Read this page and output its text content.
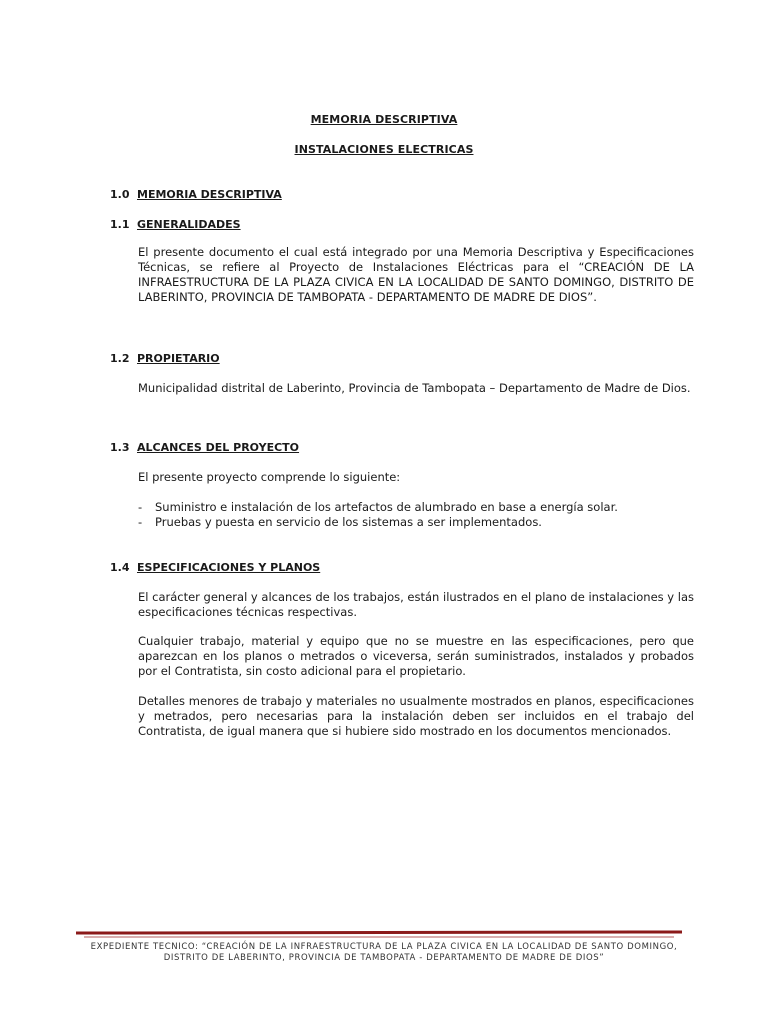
MEMORIA DESCRIPTIVA
INSTALACIONES ELECTRICAS
1.0 MEMORIA DESCRIPTIVA
1.1 GENERALIDADES

El presente documento el cual está integrado por una Memoria Descriptiva y Especificaciones Técnicas, se refiere al Proyecto de Instalaciones Eléctricas para el “CREACIÓN DE LA INFRAESTRUCTURA DE LA PLAZA CIVICA EN LA LOCALIDAD DE SANTO DOMINGO, DISTRITO DE LABERINTO, PROVINCIA DE TAMBOPATA - DEPARTAMENTO DE MADRE DE DIOS”.

1.2 PROPIETARIO

Municipalidad distrital de Laberinto, Provincia de Tambopata – Departamento de Madre de Dios.

1.3 ALCANCES DEL PROYECTO

El presente proyecto comprende lo siguiente:

- Suministro e instalación de los artefactos de alumbrado en base a energía solar.
- Pruebas y puesta en servicio de los sistemas a ser implementados.
1.4 ESPECIFICACIONES Y PLANOS

El carácter general y alcances de los trabajos, están ilustrados en el plano de instalaciones y las especificaciones técnicas respectivas.

Cualquier trabajo, material y equipo que no se muestre en las especificaciones, pero que aparezcan en los planos o metrados o viceversa, serán suministrados, instalados y probados por el Contratista, sin costo adicional para el propietario.

Detalles menores de trabajo y materiales no usualmente mostrados en planos, especificaciones y metrados, pero necesarias para la instalación deben ser incluidos en el trabajo del Contratista, de igual manera que si hubiere sido mostrado en los documentos mencionados.

EXPEDIENTE TECNICO: “CREACIÓN DE LA INFRAESTRUCTURA DE LA PLAZA CIVICA EN LA LOCALIDAD DE SANTO DOMINGO, DISTRITO DE LABERINTO, PROVINCIA DE TAMBOPATA - DEPARTAMENTO DE MADRE DE DIOS”
